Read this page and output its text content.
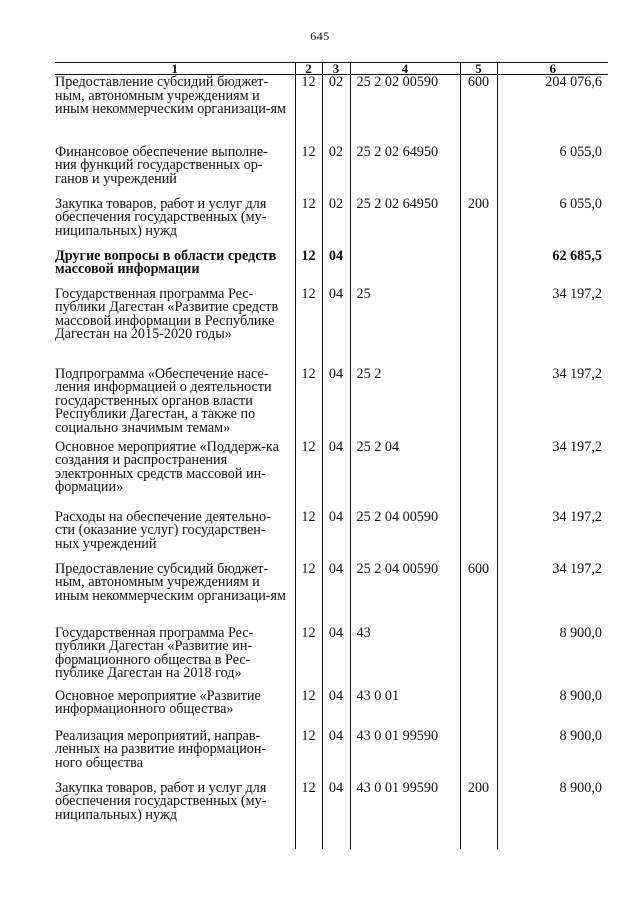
645
1	2	3	4	5	6
Предоставление субсидий бюджет-ным, автономным учреждениям и иным некоммерческим организаци-ям	12	02	25 2 02 00590	600	204 076,6
Финансовое обеспечение выполне-ния функций государственных ор-ганов и учреждений	12	02	25 2 02 64950		6 055,0
Закупка товаров, работ и услуг для обеспечения государственных (му-ниципальных) нужд	12	02	25 2 02 64950	200	6 055,0
Другие вопросы в области средств массовой информации	12	04			62 685,5
Государственная программа Рес-публики Дагестан «Развитие средств массовой информации в Республике Дагестан на 2015-2020 годы»	12	04	25		34 197,2
Подпрограмма «Обеспечение насе-ления информацией о деятельности государственных органов власти Республики Дагестан, а также по социально значимым темам»	12	04	25 2		34 197,2
Основное мероприятие «Поддерж-ка создания и распространения электронных средств массовой ин-формации»	12	04	25 2 04		34 197,2
Расходы на обеспечение деятельно-сти (оказание услуг) государствен-ных учреждений	12	04	25 2 04 00590		34 197,2
Предоставление субсидий бюджет-ным, автономным учреждениям и иным некоммерческим организаци-ям	12	04	25 2 04 00590	600	34 197,2
Государственная программа Рес-публики Дагестан «Развитие ин-формационного общества в Рес-публике Дагестан на 2018 год»	12	04	43		8 900,0
Основное мероприятие «Развитие информационного общества»	12	04	43 0 01		8 900,0
Реализация мероприятий, направ-ленных на развитие информацион-ного общества	12	04	43 0 01 99590		8 900,0
Закупка товаров, работ и услуг для обеспечения государственных (му-ниципальных) нужд	12	04	43 0 01 99590	200	8 900,0
